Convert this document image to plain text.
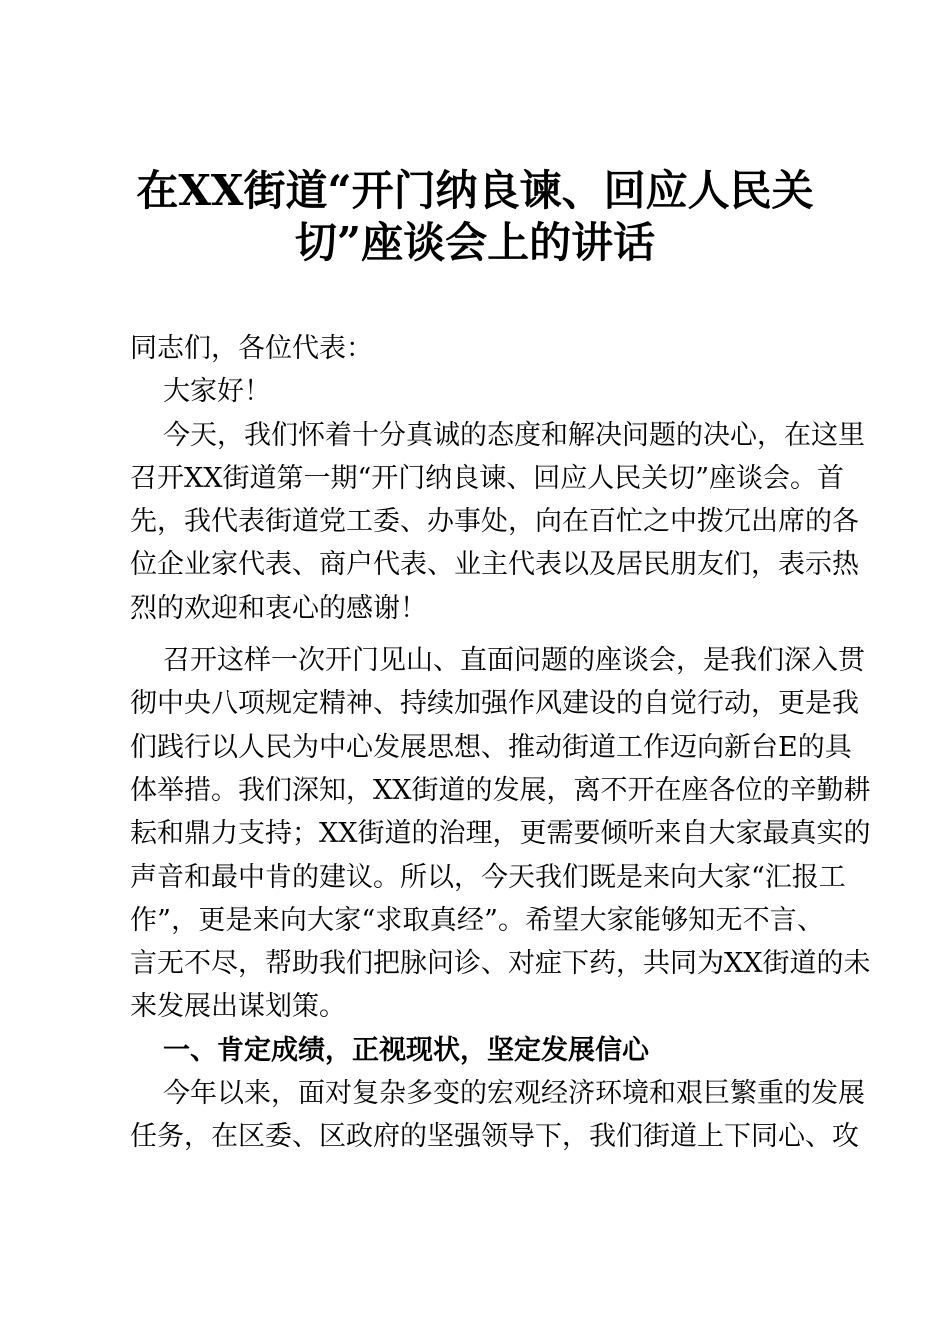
在XX街道“开门纳良谏、回应人民关
切”座谈会上的讲话
同志们，各位代表：
大家好！
今天，我们怀着十分真诚的态度和解决问题的决心，在这里
召开XX街道第一期“开门纳良谏、回应人民关切”座谈会。首
先，我代表街道党工委、办事处，向在百忙之中拨冗出席的各
位企业家代表、商户代表、业主代表以及居民朋友们，表示热
烈的欢迎和衷心的感谢！
召开这样一次开门见山、直面问题的座谈会，是我们深入贯
彻中央八项规定精神、持续加强作风建设的自觉行动，更是我
们践行以人民为中心发展思想、推动街道工作迈向新台E的具
体举措。我们深知，XX街道的发展，离不开在座各位的辛勤耕
耘和鼎力支持；XX街道的治理，更需要倾听来自大家最真实的
声音和最中肯的建议。所以，今天我们既是来向大家“汇报工
作”，更是来向大家“求取真经”。希望大家能够知无不言、
言无不尽，帮助我们把脉问诊、对症下药，共同为XX街道的未
来发展出谋划策。
一、肯定成绩，正视现状，坚定发展信心
今年以来，面对复杂多变的宏观经济环境和艰巨繁重的发展
任务，在区委、区政府的坚强领导下，我们街道上下同心、攻
